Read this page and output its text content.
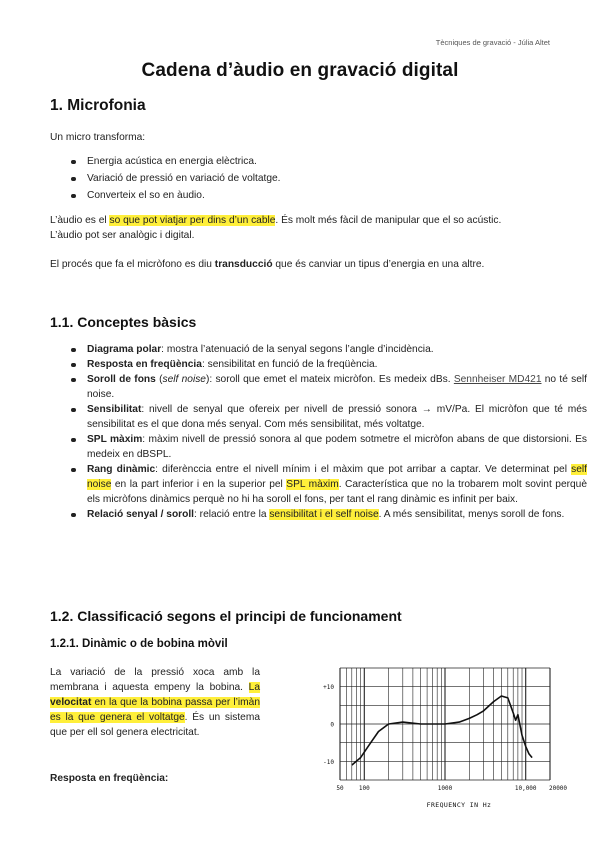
Tècniques de gravació - Júlia Altet
Cadena d’àudio en gravació digital
1. Microfonia

Un micro transforma:

Energia acústica en energia elèctrica.
Variació de pressió en variació de voltatge.
Converteix el so en àudio.

L’àudio es el so que pot viatjar per dins d’un cable. És molt més fàcil de manipular que el so acústic.
L’àudio pot ser analògic i digital.

El procés que fa el micròfono es diu transducció que és canviar un tipus d’energia en una altre.

1.1. Conceptes bàsics
Diagrama polar: mostra l’atenuació de la senyal segons l’angle d’incidència.
Resposta en freqüència: sensibilitat en funció de la freqüència.
Soroll de fons (self noise): soroll que emet el mateix micròfon. Es medeix dBs. Sennheiser MD421 no té self noise.
Sensibilitat: nivell de senyal que ofereix per nivell de pressió sonora → mV/Pa. El micròfon que té més sensibilitat es el que dona més senyal. Com més sensibilitat, més voltatge.
SPL màxim: màxim nivell de pressió sonora al que podem sotmetre el micròfon abans de que distorsioni. Es medeix en dBSPL.
Rang dinàmic: diferènccia entre el nivell mínim i el màxim que pot arribar a captar. Ve determinat pel self noise en la part inferior i en la superior pel SPL màxim. Característica que no la trobarem molt sovint perquè els micròfons dinàmics perquè no hi ha soroll el fons, per tant el rang dinàmic es infinit per baix.
Relació senyal / soroll: relació entre la sensibilitat i el self noise. A més sensibilitat, menys soroll de fons.
1.2. Classificació segons el principi de funcionament
1.2.1. Dinàmic o de bobina mòvil

La variació de la pressió xoca amb la membrana i aquesta empeny la bobina. La velocitat en la que la bobina passa per l’imàn es la que genera el voltatge. És un sistema que per ell sol genera electricitat.

Resposta en freqüència:

+10
0
-10
50	100	1000	10,000 20000
FREQUENCY IN Hz
